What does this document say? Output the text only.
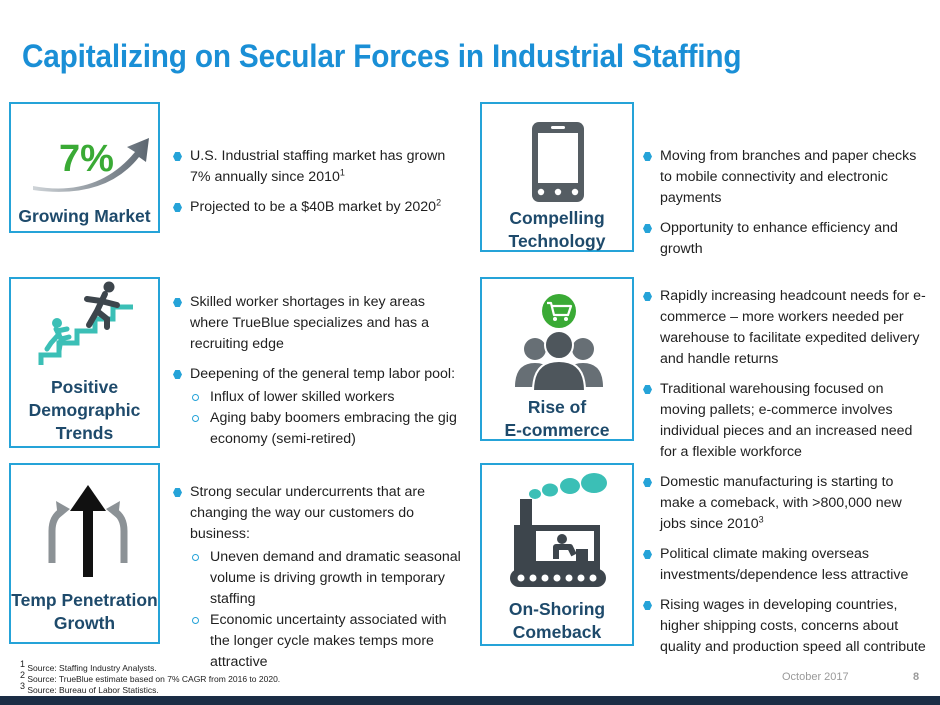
Capitalizing on Secular Forces in Industrial Staffing
7%
Growing Market
U.S. Industrial staffing market has grown 7% annually since 2010$^1$
Projected to be a $40B market by 2020$^2$
Compelling
Technology
Moving from branches and paper checks to mobile connectivity and electronic payments
Opportunity to enhance efficiency and growth
Positive
Demographic
Trends
Skilled worker shortages in key areas where TrueBlue specializes and has a recruiting edge
Deepening of the general temp labor pool:
Influx of lower skilled workers
Aging baby boomers embracing the gig economy (semi-retired)
Rise of
E-commerce
Rapidly increasing headcount needs for e-commerce – more workers needed per warehouse to facilitate expedited delivery and handle returns
Traditional warehousing focused on moving pallets; e-commerce involves individual pieces and an increased need for a flexible workforce
Temp Penetration
Growth
Strong secular undercurrents that are changing the way our customers do business:
Uneven demand and dramatic seasonal volume is driving growth in temporary staffing
Economic uncertainty associated with the longer cycle makes temps more attractive
On-Shoring
Comeback
Domestic manufacturing is starting to make a comeback, with >800,000 new jobs since 2010$^3$
Political climate making overseas investments/dependence less attractive
Rising wages in developing countries, higher shipping costs, concerns about quality and production speed all contribute
$^1$ Source: Staffing Industry Analysts.
$^2$ Source: TrueBlue estimate based on 7% CAGR from 2016 to 2020.
$^3$ Source: Bureau of Labor Statistics.
October 2017	8
